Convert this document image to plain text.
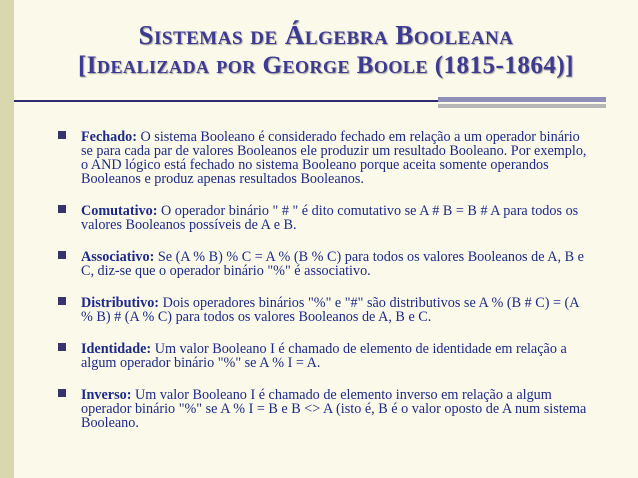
Sistemas de Álgebra Booleana
[Idealizada por George Boole (1815-1864)]
Fechado: O sistema Booleano é considerado fechado em relação a um operador binário se para cada par de valores Booleanos ele produzir um resultado Booleano. Por exemplo, o AND lógico está fechado no sistema Booleano porque aceita somente operandos Booleanos e produz apenas resultados Booleanos.
Comutativo: O operador binário " # " é dito comutativo se A # B = B # A para todos os valores Booleanos possíveis de A e B.
Associativo: Se (A % B) % C = A % (B % C) para todos os valores Booleanos de A, B e C, diz-se que o operador binário "%" é associativo.
Distributivo: Dois operadores binários "%" e "#" são distributivos se A % (B # C) = (A % B) # (A % C) para todos os valores Booleanos de A, B e C.
Identidade: Um valor Booleano I é chamado de elemento de identidade em relação a algum operador binário "%" se A % I = A.
Inverso: Um valor Booleano I é chamado de elemento inverso em relação a algum operador binário "%" se A % I = B e B <> A (isto é, B é o valor oposto de A num sistema Booleano.
